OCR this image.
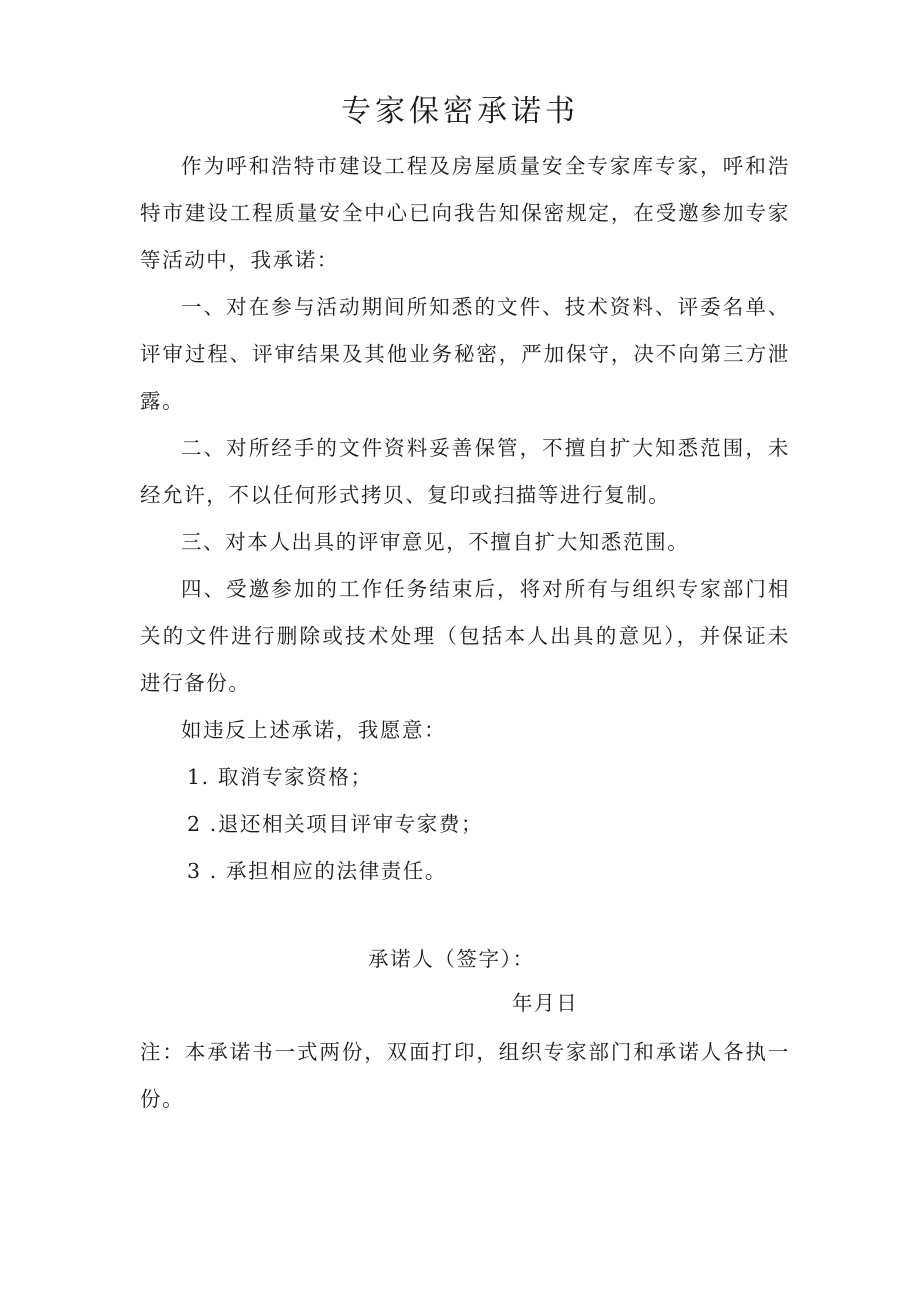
专家保密承诺书

作为呼和浩特市建设工程及房屋质量安全专家库专家，呼和浩特市建设工程质量安全中心已向我告知保密规定，在受邀参加专家等活动中，我承诺：

一、对在参与活动期间所知悉的文件、技术资料、评委名单、评审过程、评审结果及其他业务秘密，严加保守，决不向第三方泄露。

二、对所经手的文件资料妥善保管，不擅自扩大知悉范围，未经允许，不以任何形式拷贝、复印或扫描等进行复制。

三、对本人出具的评审意见，不擅自扩大知悉范围。

四、受邀参加的工作任务结束后，将对所有与组织专家部门相关的文件进行删除或技术处理（包括本人出具的意见），并保证未进行备份。

如违反上述承诺，我愿意：

1. 取消专家资格；

2 .退还相关项目评审专家费；

3 . 承担相应的法律责任。

承诺人（签字）：
年月日

注：本承诺书一式两份，双面打印，组织专家部门和承诺人各执一份。
